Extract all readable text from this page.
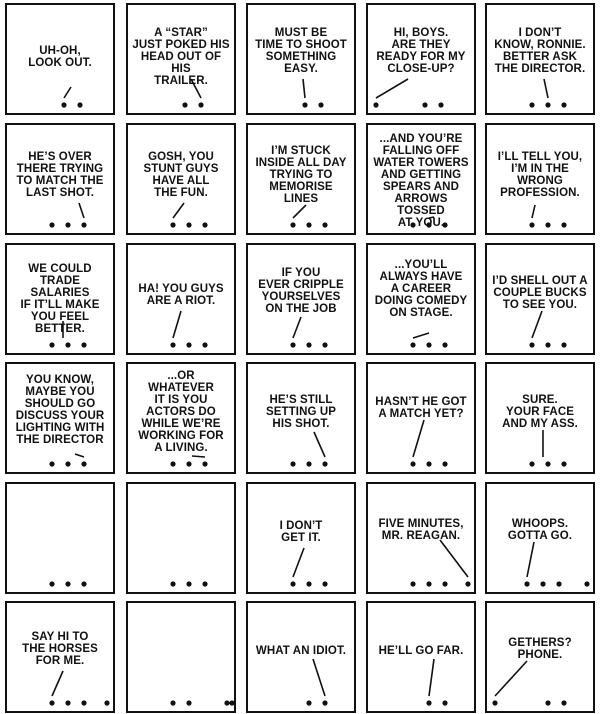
UH-OH,
LOOK OUT.
A “STAR”
JUST POKED HIS
HEAD OUT OF HIS
TRAILER.
MUST BE
TIME TO SHOOT
SOMETHING
EASY.
HI, BOYS.
ARE THEY
READY FOR MY
CLOSE-UP?
I DON’T
KNOW, RONNIE.
BETTER ASK
THE DIRECTOR.
HE’S OVER
THERE TRYING
TO MATCH THE
LAST SHOT.
GOSH, YOU
STUNT GUYS
HAVE ALL
THE FUN.
I’M STUCK
INSIDE ALL DAY
TRYING TO
MEMORISE
LINES
...AND YOU’RE
FALLING OFF
WATER TOWERS
AND GETTING
SPEARS AND
ARROWS TOSSED
AT YOU.
I’LL TELL YOU,
I’M IN THE
WRONG
PROFESSION.
WE COULD
TRADE SALARIES
IF IT’LL MAKE
YOU FEEL
BETTER.
HA! YOU GUYS
ARE A RIOT.
IF YOU
EVER CRIPPLE
YOURSELVES
ON THE JOB
...YOU’LL
ALWAYS HAVE
A CAREER
DOING COMEDY
ON STAGE.
I’D SHELL OUT A
COUPLE BUCKS
TO SEE YOU.
YOU KNOW,
MAYBE YOU
SHOULD GO
DISCUSS YOUR
LIGHTING WITH
THE DIRECTOR
...OR
WHATEVER
IT IS YOU
ACTORS DO
WHILE WE’RE
WORKING FOR
A LIVING.
HE’S STILL
SETTING UP
HIS SHOT.
HASN’T HE GOT
A MATCH YET?
SURE.
YOUR FACE
AND MY ASS.
I DON’T
GET IT.
FIVE MINUTES,
MR. REAGAN.
WHOOPS.
GOTTA GO.
SAY HI TO
THE HORSES
FOR ME.
WHAT AN IDIOT.	HE’LL GO FAR.
GETHERS?
PHONE.
